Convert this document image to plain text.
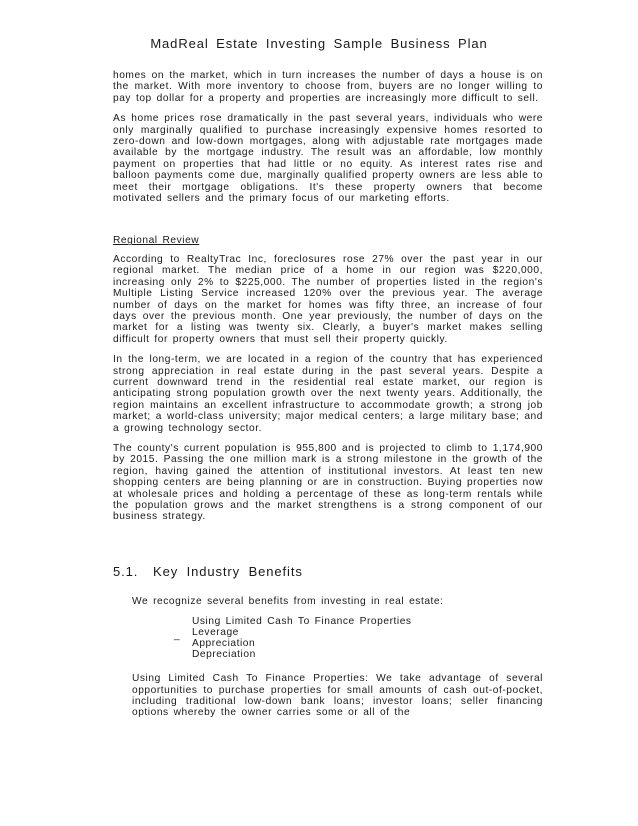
MadReal Estate Investing Sample Business Plan

homes on the market, which in turn increases the number of days a house is on the market. With more inventory to choose from, buyers are no longer willing to pay top dollar for a property and properties are increasingly more difficult to sell.

As home prices rose dramatically in the past several years, individuals who were only marginally qualified to purchase increasingly expensive homes resorted to zero-down and low-down mortgages, along with adjustable rate mortgages made available by the mortgage industry. The result was an affordable, low monthly payment on properties that had little or no equity. As interest rates rise and balloon payments come due, marginally qualified property owners are less able to meet their mortgage obligations. It's these property owners that become motivated sellers and the primary focus of our marketing efforts.

Regional Review

According to RealtyTrac Inc, foreclosures rose 27% over the past year in our regional market. The median price of a home in our region was $220,000, increasing only 2% to $225,000. The number of properties listed in the region's Multiple Listing Service increased 120% over the previous year. The average number of days on the market for homes was fifty three, an increase of four days over the previous month. One year previously, the number of days on the market for a listing was twenty six. Clearly, a buyer's market makes selling difficult for property owners that must sell their property quickly.

In the long-term, we are located in a region of the country that has experienced strong appreciation in real estate during in the past several years. Despite a current downward trend in the residential real estate market, our region is anticipating strong population growth over the next twenty years. Additionally, the region maintains an excellent infrastructure to accommodate growth; a strong job market; a world-class university; major medical centers; a large military base; and a growing technology sector.

The county's current population is 955,800 and is projected to climb to 1,174,900 by 2015. Passing the one million mark is a strong milestone in the growth of the region, having gained the attention of institutional investors. At least ten new shopping centers are being planning or are in construction. Buying properties now at wholesale prices and holding a percentage of these as long-term rentals while the population grows and the market strengthens is a strong component of our business strategy.

5.1. Key Industry Benefits

We recognize several benefits from investing in real estate:

_
Using Limited Cash To Finance Properties
Leverage
Appreciation
Depreciation

Using Limited Cash To Finance Properties: We take advantage of several opportunities to purchase properties for small amounts of cash out-of-pocket, including traditional low-down bank loans; investor loans; seller financing options whereby the owner carries some or all of the
